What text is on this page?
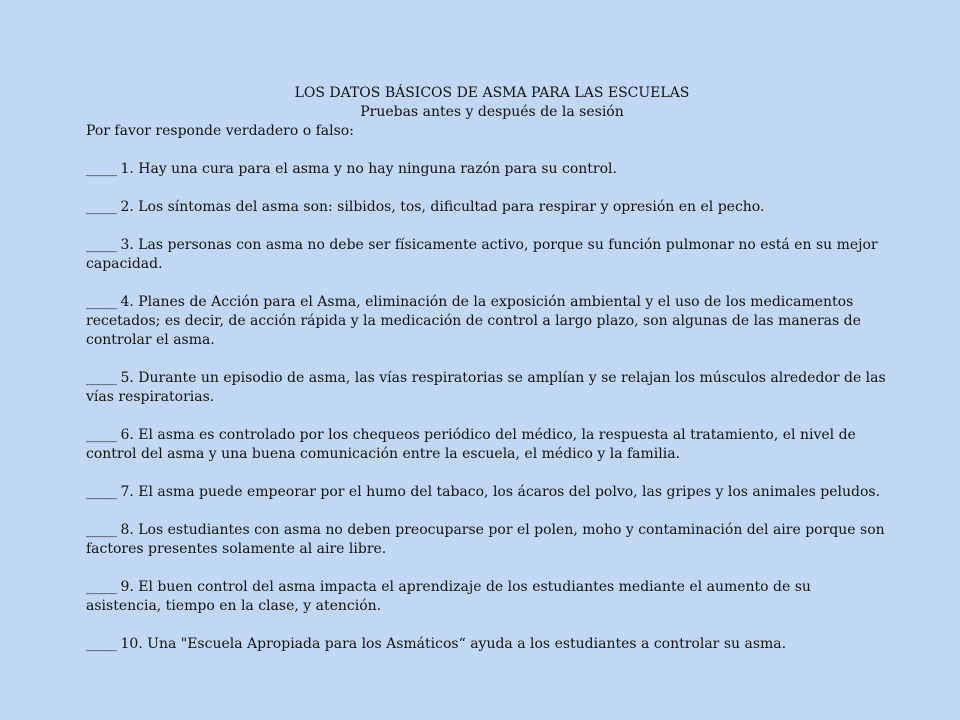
LOS DATOS BÁSICOS DE ASMA PARA LAS ESCUELAS

Pruebas antes y después de la sesión

Por favor responde verdadero o falso:

_____ 1. Hay una cura para el asma y no hay ninguna razón para su control.

_____ 2. Los síntomas del asma son: silbidos, tos, dificultad para respirar y opresión en el pecho.

_____ 3. Las personas con asma no debe ser físicamente activo, porque su función pulmonar no está en su mejor capacidad.

_____ 4. Planes de Acción para el Asma, eliminación de la exposición ambiental y el uso de los medicamentos recetados; es decir, de acción rápida y la medicación de control a largo plazo, son algunas de las maneras de controlar el asma.

_____ 5. Durante un episodio de asma, las vías respiratorias se amplían y se relajan los músculos alrededor de las vías respiratorias.

_____ 6. El asma es controlado por los chequeos periódico del médico, la respuesta al tratamiento, el nivel de control del asma y una buena comunicación entre la escuela, el médico y la familia.

_____ 7. El asma puede empeorar por el humo del tabaco, los ácaros del polvo, las gripes y los animales peludos.

_____ 8. Los estudiantes con asma no deben preocuparse por el polen, moho y contaminación del aire porque son factores presentes solamente al aire libre.

_____ 9. El buen control del asma impacta el aprendizaje de los estudiantes mediante el aumento de su asistencia, tiempo en la clase, y atención.

_____ 10. Una "Escuela Apropiada para los Asmáticos“ ayuda a los estudiantes a controlar su asma.
